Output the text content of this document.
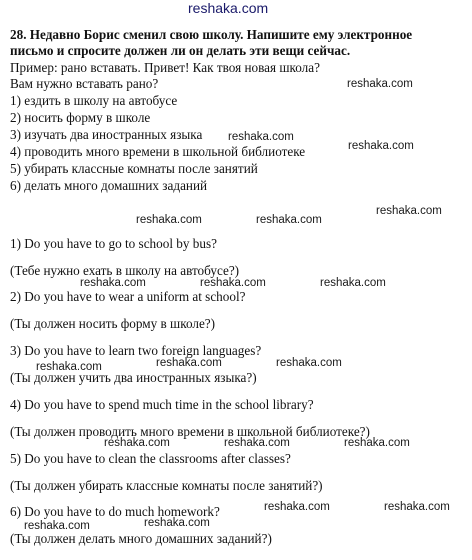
reshaka.com
28. Недавно Борис сменил свою школу. Напишите ему электронное
письмо и спросите должен ли он делать эти вещи сейчас.
Пример: рано вставать. Привет! Как твоя новая школа?
Вам нужно вставать рано?
1) ездить в школу на автобусе
2) носить форму в школе
3) изучать два иностранных языка
4) проводить много времени в школьной библиотеке
5) убирать классные комнаты после занятий
6) делать много домашних заданий
1) Do you have to go to school by bus?
(Тебе нужно ехать в школу на автобусе?)
2) Do you have to wear a uniform at school?
(Ты должен носить форму в школе?)
3) Do you have to learn two foreign languages?
(Ты должен учить два иностранных языка?)
4) Do you have to spend much time in the school library?
(Ты должен проводить много времени в школьной библиотеке?)
5) Do you have to clean the classrooms after classes?
(Ты должен убирать классные комнаты после занятий?)
6) Do you have to do much homework?
(Ты должен делать много домашних заданий?)
reshaka.com
reshaka.com
reshaka.com
reshaka.com
reshaka.com	reshaka.com
reshaka.com	reshaka.com	reshaka.com
reshaka.com	reshaka.com	reshaka.com
reshaka.com	reshaka.com	reshaka.com
reshaka.com	reshaka.com
reshaka.com
reshaka.com
